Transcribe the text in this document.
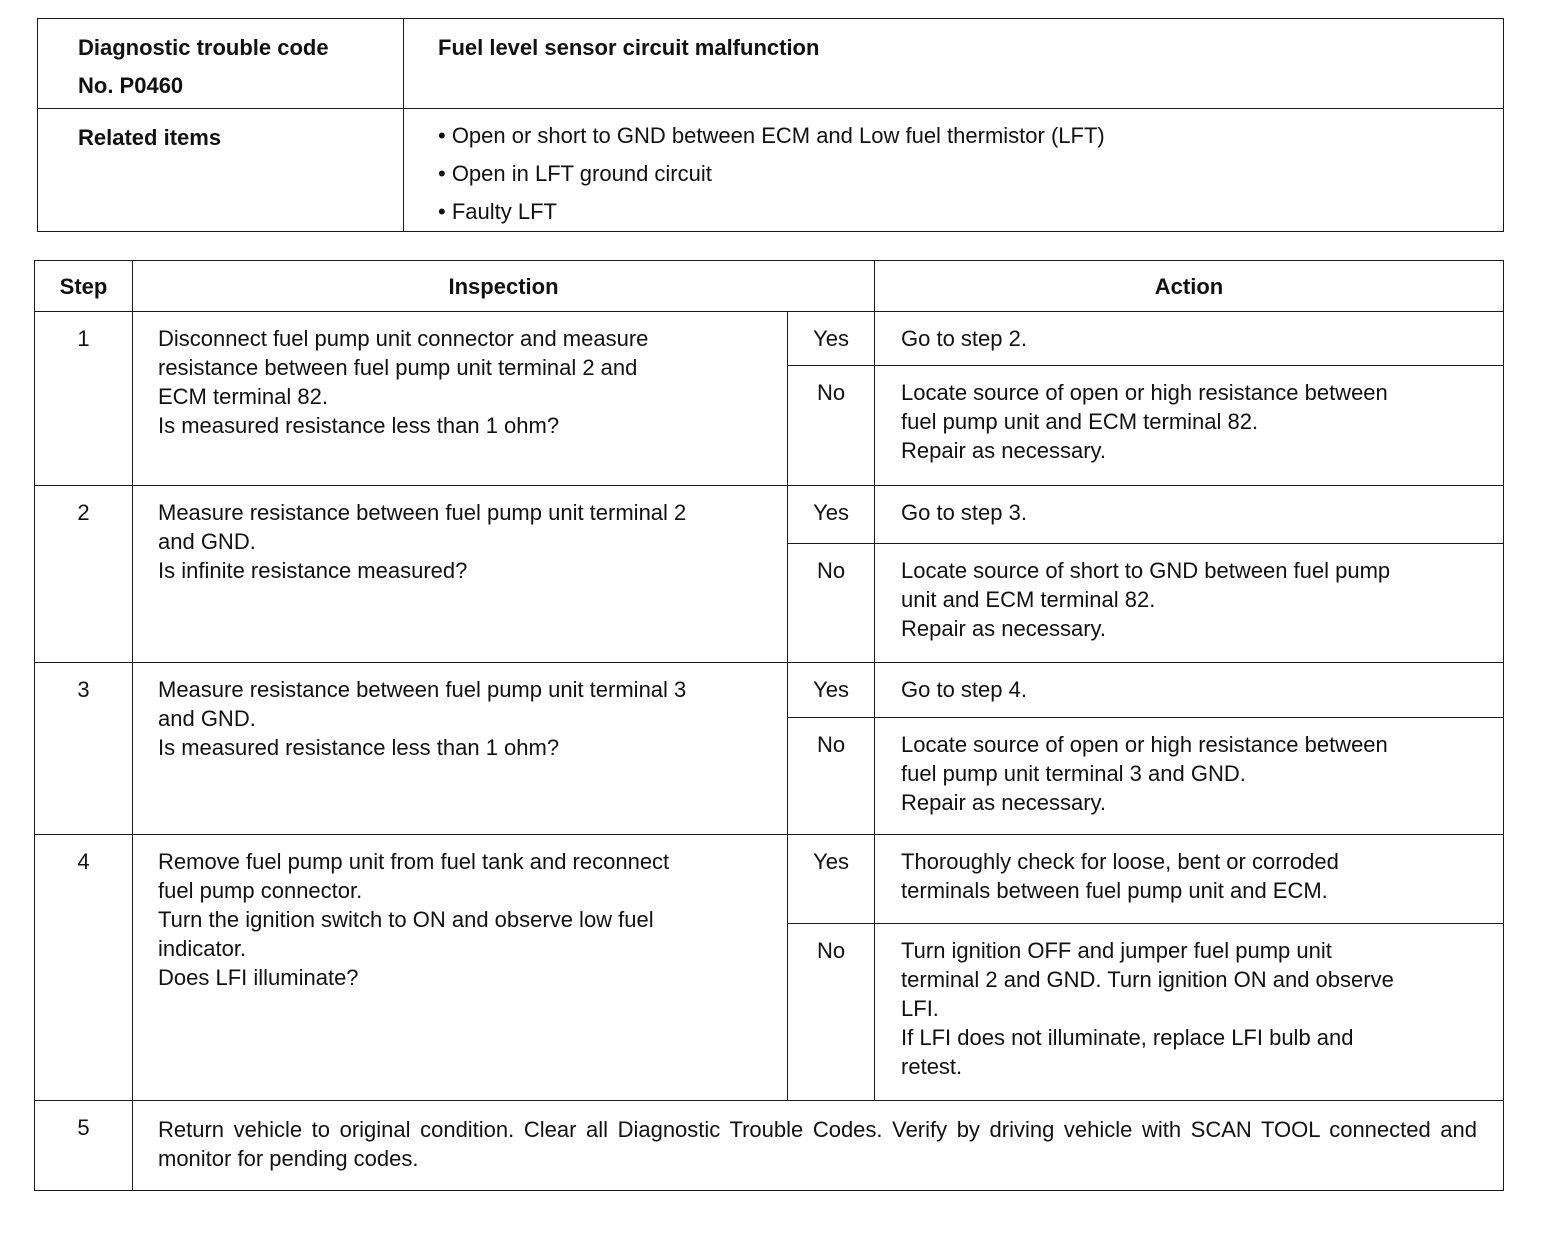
Diagnostic trouble code
No. P0460	Fuel level sensor circuit malfunction
Related items	• Open or short to GND between ECM and Low fuel thermistor (LFT)
• Open in LFT ground circuit
• Faulty LFT
Step	Inspection		Action
1	Disconnect fuel pump unit connector and measure
resistance between fuel pump unit terminal 2 and
ECM terminal 82.
Is measured resistance less than 1 ohm?	Yes	Go to step 2.
		No	Locate source of open or high resistance between
fuel pump unit and ECM terminal 82.
Repair as necessary.
2	Measure resistance between fuel pump unit terminal 2
and GND.
Is infinite resistance measured?	Yes	Go to step 3.
		No	Locate source of short to GND between fuel pump
unit and ECM terminal 82.
Repair as necessary.
3	Measure resistance between fuel pump unit terminal 3
and GND.
Is measured resistance less than 1 ohm?	Yes	Go to step 4.
		No	Locate source of open or high resistance between
fuel pump unit terminal 3 and GND.
Repair as necessary.
4	Remove fuel pump unit from fuel tank and reconnect
fuel pump connector.
Turn the ignition switch to ON and observe low fuel
indicator.
Does LFI illuminate?	Yes	Thoroughly check for loose, bent or corroded
terminals between fuel pump unit and ECM.
		No	Turn ignition OFF and jumper fuel pump unit
terminal 2 and GND. Turn ignition ON and observe
LFI.
If LFI does not illuminate, replace LFI bulb and
retest.
5	Return vehicle to original condition. Clear all Diagnostic Trouble Codes. Verify by driving vehicle with SCAN TOOL connected and monitor for pending codes.		
